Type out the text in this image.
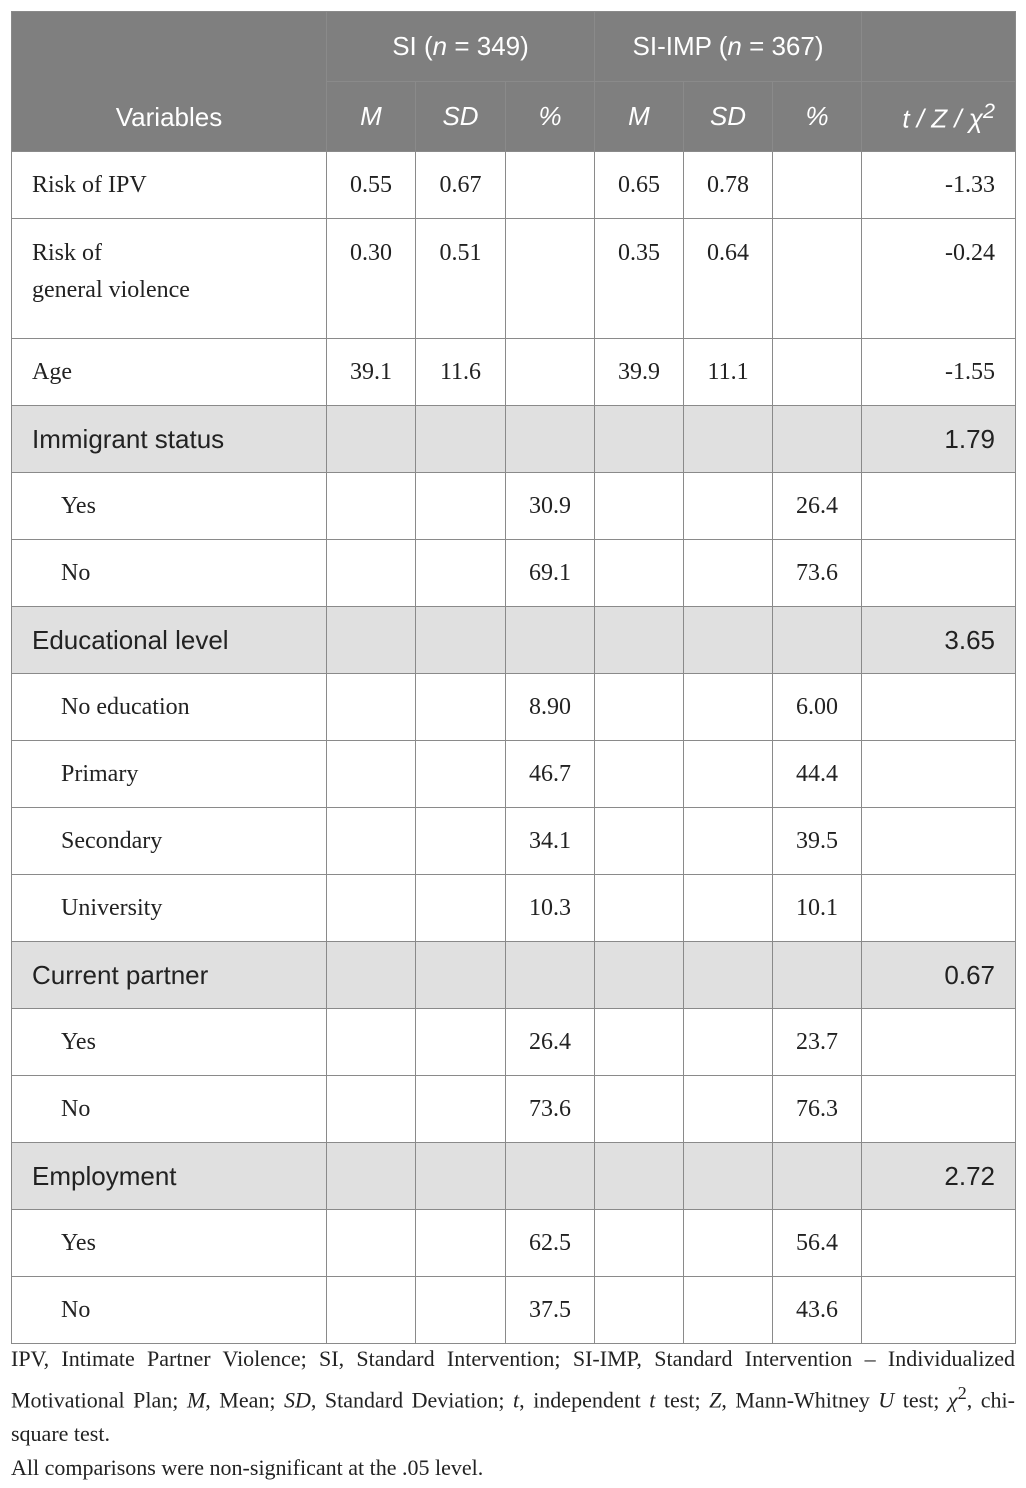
Variables	SI (n = 349)			SI-IMP (n = 367)			
	M	SD	%	M	SD	%	t / Z / $\chi^2$
Risk of IPV	0.55	0.67		0.65	0.78		-1.33
Risk of
general violence	0.30	0.51		0.35	0.64		-0.24
Age	39.1	11.6		39.9	11.1		-1.55
Immigrant status							1.79
Yes			30.9			26.4	
No			69.1			73.6	
Educational level							3.65
No education			8.90			6.00	
Primary			46.7			44.4	
Secondary			34.1			39.5	
University			10.3			10.1	
Current partner							0.67
Yes			26.4			23.7	
No			73.6			76.3	
Employment							2.72
Yes			62.5			56.4	
No			37.5			43.6	

IPV, Intimate Partner Violence; SI, Standard Intervention; SI-IMP, Standard Intervention – Individualized Motivational Plan; M, Mean; SD, Standard Deviation; t, independent t test; Z, Mann-Whitney U test; $\chi^2$, chi-square test.

All comparisons were non-significant at the .05 level.
